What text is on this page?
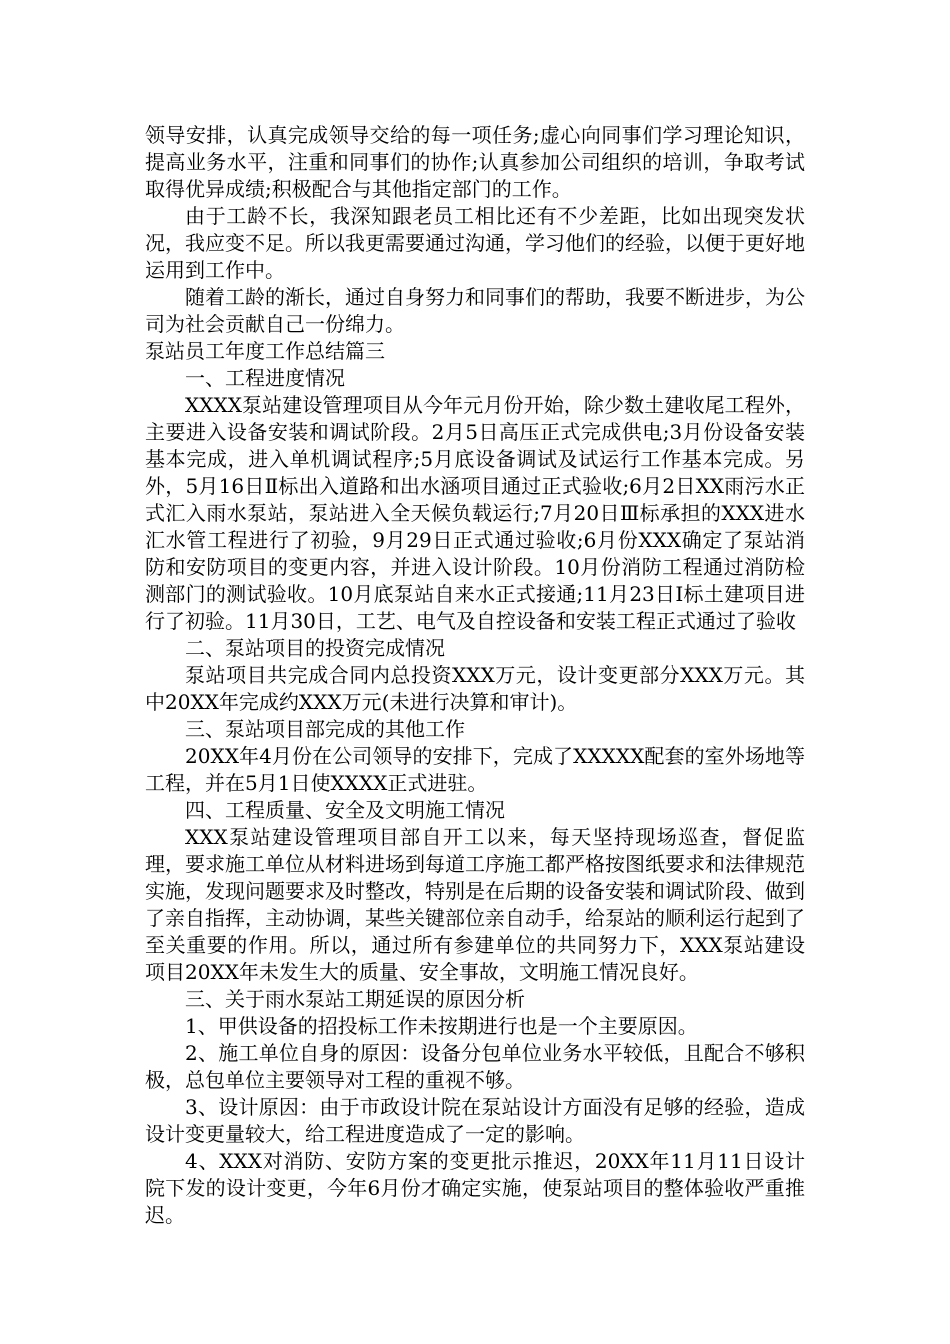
领导安排，认真完成领导交给的每一项任务;虚心向同事们学习理论知识，提高业务水平，注重和同事们的协作;认真参加公司组织的培训，争取考试取得优异成绩;积极配合与其他指定部门的工作。

由于工龄不长，我深知跟老员工相比还有不少差距，比如出现突发状况，我应变不足。所以我更需要通过沟通，学习他们的经验，以便于更好地运用到工作中。

随着工龄的渐长，通过自身努力和同事们的帮助，我要不断进步，为公司为社会贡献自己一份绵力。

泵站员工年度工作总结篇三

一、工程进度情况

XXXX泵站建设管理项目从今年元月份开始，除少数土建收尾工程外，主要进入设备安装和调试阶段。2月5日高压正式完成供电;3月份设备安装基本完成，进入单机调试程序;5月底设备调试及试运行工作基本完成。另外，5月16日Ⅱ标出入道路和出水涵项目通过正式验收;6月2日XX雨污水正式汇入雨水泵站，泵站进入全天候负载运行;7月20日Ⅲ标承担的XXX进水汇水管工程进行了初验，9月29日正式通过验收;6月份XXX确定了泵站消防和安防项目的变更内容，并进入设计阶段。10月份消防工程通过消防检测部门的测试验收。10月底泵站自来水正式接通;11月23日Ⅰ标土建项目进行了初验。11月30日，工艺、电气及自控设备和安装工程正式通过了验收

二、泵站项目的投资完成情况

泵站项目共完成合同内总投资XXX万元，设计变更部分XXX万元。其中20XX年完成约XXX万元(未进行决算和审计)。

三、泵站项目部完成的其他工作

20XX年4月份在公司领导的安排下，完成了XXXXX配套的室外场地等工程，并在5月1日使XXXX正式进驻。

四、工程质量、安全及文明施工情况

XXX泵站建设管理项目部自开工以来，每天坚持现场巡查，督促监理，要求施工单位从材料进场到每道工序施工都严格按图纸要求和法律规范实施，发现问题要求及时整改，特别是在后期的设备安装和调试阶段、做到了亲自指挥，主动协调，某些关键部位亲自动手，给泵站的顺利运行起到了至关重要的作用。所以，通过所有参建单位的共同努力下，XXX泵站建设项目20XX年未发生大的质量、安全事故，文明施工情况良好。

三、关于雨水泵站工期延误的原因分析

1、甲供设备的招投标工作未按期进行也是一个主要原因。

2、施工单位自身的原因：设备分包单位业务水平较低，且配合不够积极，总包单位主要领导对工程的重视不够。

3、设计原因：由于市政设计院在泵站设计方面没有足够的经验，造成设计变更量较大，给工程进度造成了一定的影响。

4、XXX对消防、安防方案的变更批示推迟，20XX年11月11日设计院下发的设计变更，今年6月份才确定实施，使泵站项目的整体验收严重推迟。
